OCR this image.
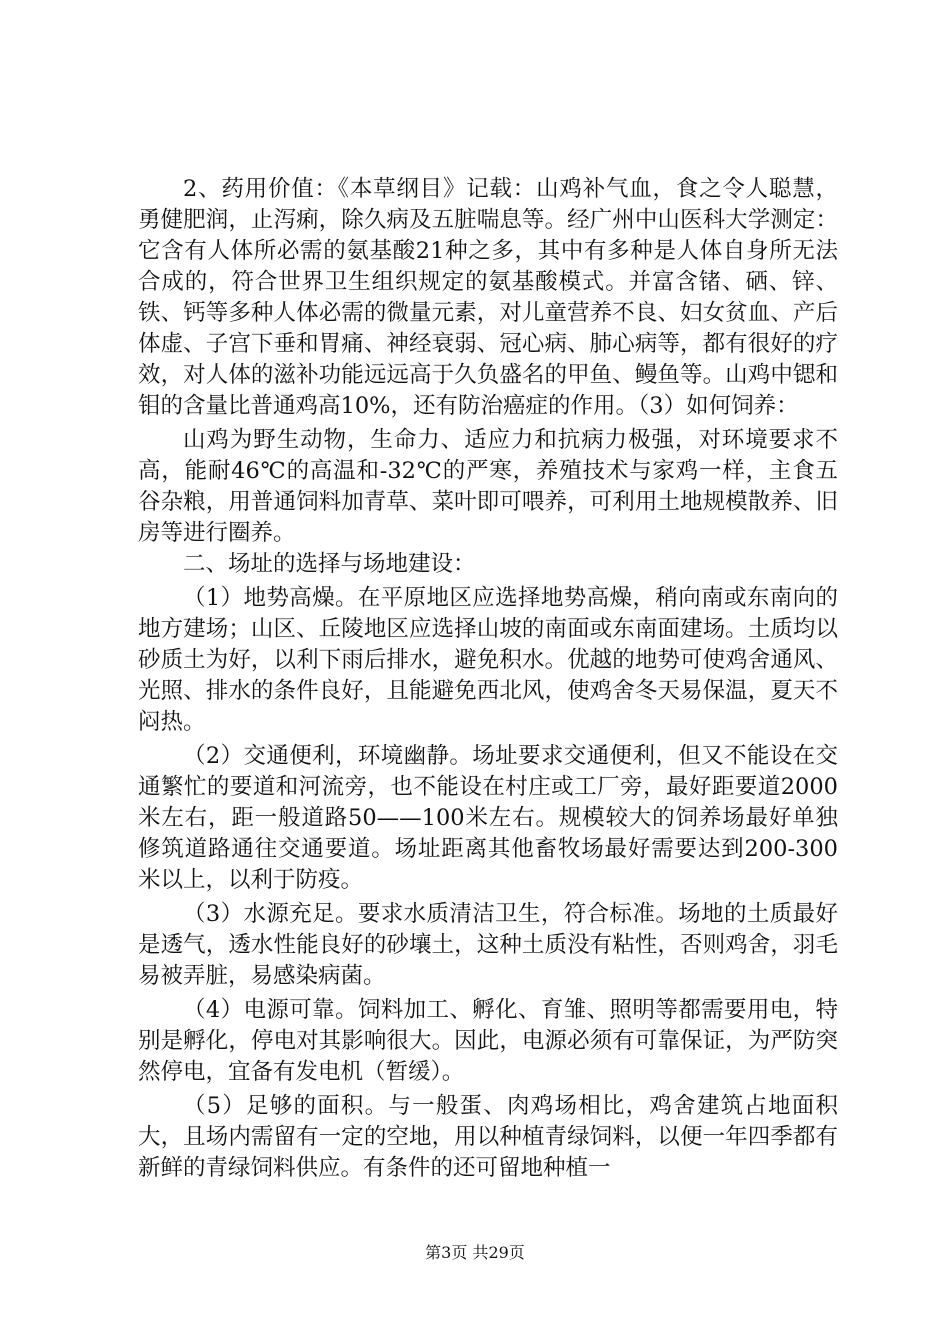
2、药用价值：《本草纲目》记载：山鸡补气血，食之令人聪慧，勇健肥润，止泻痢，除久病及五脏喘息等。经广州中山医科大学测定：它含有人体所必需的氨基酸21种之多，其中有多种是人体自身所无法合成的，符合世界卫生组织规定的氨基酸模式。并富含锗、硒、锌、铁、钙等多种人体必需的微量元素，对儿童营养不良、妇女贫血、产后体虚、子宫下垂和胃痛、神经衰弱、冠心病、肺心病等，都有很好的疗效，对人体的滋补功能远远高于久负盛名的甲鱼、鳗鱼等。山鸡中锶和钼的含量比普通鸡高10%，还有防治癌症的作用。（3）如何饲养：

山鸡为野生动物，生命力、适应力和抗病力极强，对环境要求不高，能耐46℃的高温和-32℃的严寒，养殖技术与家鸡一样，主食五谷杂粮，用普通饲料加青草、菜叶即可喂养，可利用土地规模散养、旧房等进行圈养。

二、场址的选择与场地建设：

（1）地势高燥。在平原地区应选择地势高燥，稍向南或东南向的地方建场；山区、丘陵地区应选择山坡的南面或东南面建场。土质均以砂质土为好，以利下雨后排水，避免积水。优越的地势可使鸡舍通风、光照、排水的条件良好，且能避免西北风，使鸡舍冬天易保温，夏天不闷热。

（2）交通便利，环境幽静。场址要求交通便利，但又不能设在交通繁忙的要道和河流旁，也不能设在村庄或工厂旁，最好距要道2000米左右，距一般道路50——100米左右。规模较大的饲养场最好单独修筑道路通往交通要道。场址距离其他畜牧场最好需要达到200-300米以上，以利于防疫。

（3）水源充足。要求水质清洁卫生，符合标准。场地的土质最好是透气，透水性能良好的砂壤土，这种土质没有粘性，否则鸡舍，羽毛易被弄脏，易感染病菌。

（4）电源可靠。饲料加工、孵化、育雏、照明等都需要用电，特别是孵化，停电对其影响很大。因此，电源必须有可靠保证，为严防突然停电，宜备有发电机（暂缓）。

（5）足够的面积。与一般蛋、肉鸡场相比，鸡舍建筑占地面积大，且场内需留有一定的空地，用以种植青绿饲料，以便一年四季都有新鲜的青绿饲料供应。有条件的还可留地种植一

第3页 共29页
